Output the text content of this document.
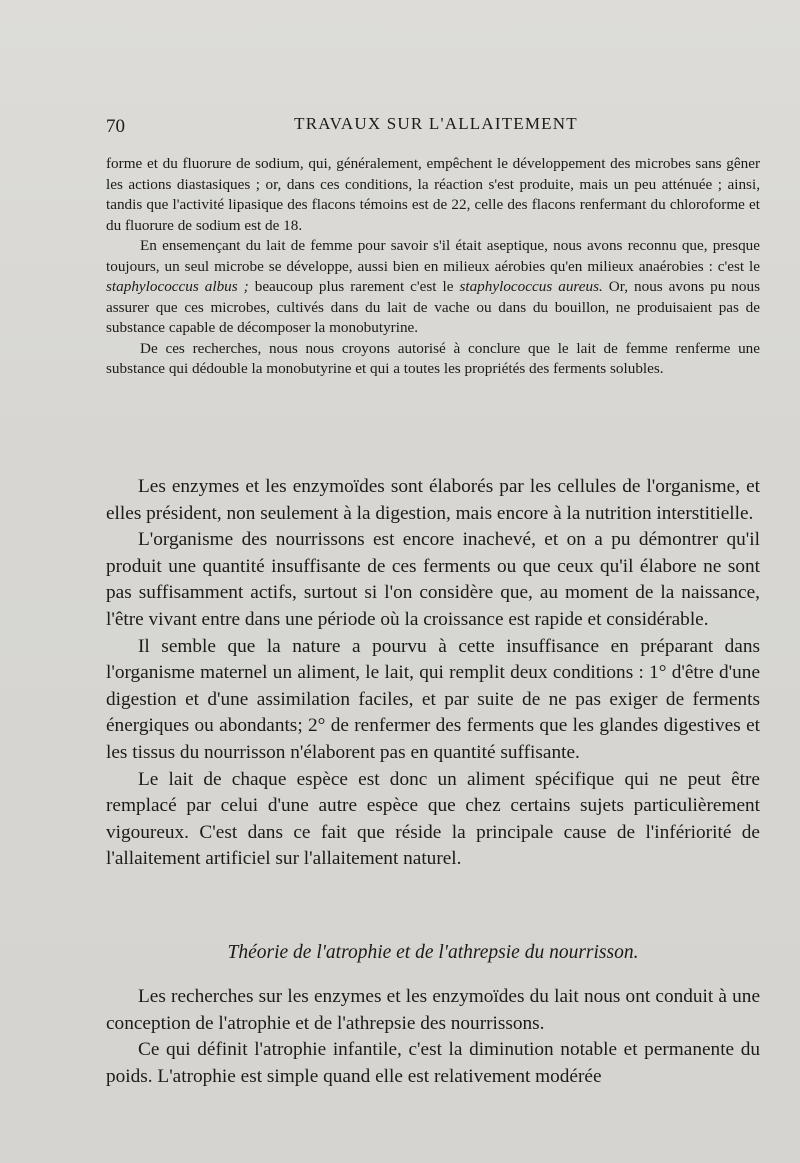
70	TRAVAUX SUR L'ALLAITEMENT

forme et du fluorure de sodium, qui, généralement, empêchent le développement des microbes sans gêner les actions diastasiques ; or, dans ces conditions, la réaction s'est produite, mais un peu atténuée ; ainsi, tandis que l'activité lipasique des flacons témoins est de 22, celle des flacons renfermant du chloroforme et du fluorure de sodium est de 18.

En ensemençant du lait de femme pour savoir s'il était aseptique, nous avons reconnu que, presque toujours, un seul microbe se développe, aussi bien en milieux aérobies qu'en milieux anaérobies : c'est le staphylococcus albus ; beaucoup plus rarement c'est le staphylococcus aureus. Or, nous avons pu nous assurer que ces microbes, cultivés dans du lait de vache ou dans du bouillon, ne produisaient pas de substance capable de décomposer la monobutyrine.

De ces recherches, nous nous croyons autorisé à conclure que le lait de femme renferme une substance qui dédouble la monobutyrine et qui a toutes les propriétés des ferments solubles.

Les enzymes et les enzymoïdes sont élaborés par les cellules de l'organisme, et elles président, non seulement à la digestion, mais encore à la nutrition interstitielle.

L'organisme des nourrissons est encore inachevé, et on a pu démontrer qu'il produit une quantité insuffisante de ces ferments ou que ceux qu'il élabore ne sont pas suffisamment actifs, surtout si l'on considère que, au moment de la naissance, l'être vivant entre dans une période où la croissance est rapide et considérable.

Il semble que la nature a pourvu à cette insuffisance en préparant dans l'organisme maternel un aliment, le lait, qui remplit deux conditions : 1° d'être d'une digestion et d'une assimilation faciles, et par suite de ne pas exiger de ferments énergiques ou abondants; 2° de renfermer des ferments que les glandes digestives et les tissus du nourrisson n'élaborent pas en quantité suffisante.

Le lait de chaque espèce est donc un aliment spécifique qui ne peut être remplacé par celui d'une autre espèce que chez certains sujets particulièrement vigoureux. C'est dans ce fait que réside la principale cause de l'infériorité de l'allaitement artificiel sur l'allaitement naturel.

Théorie de l'atrophie et de l'athrepsie du nourrisson.

Les recherches sur les enzymes et les enzymoïdes du lait nous ont conduit à une conception de l'atrophie et de l'athrepsie des nourrissons.

Ce qui définit l'atrophie infantile, c'est la diminution notable et permanente du poids. L'atrophie est simple quand elle est relativement modérée
